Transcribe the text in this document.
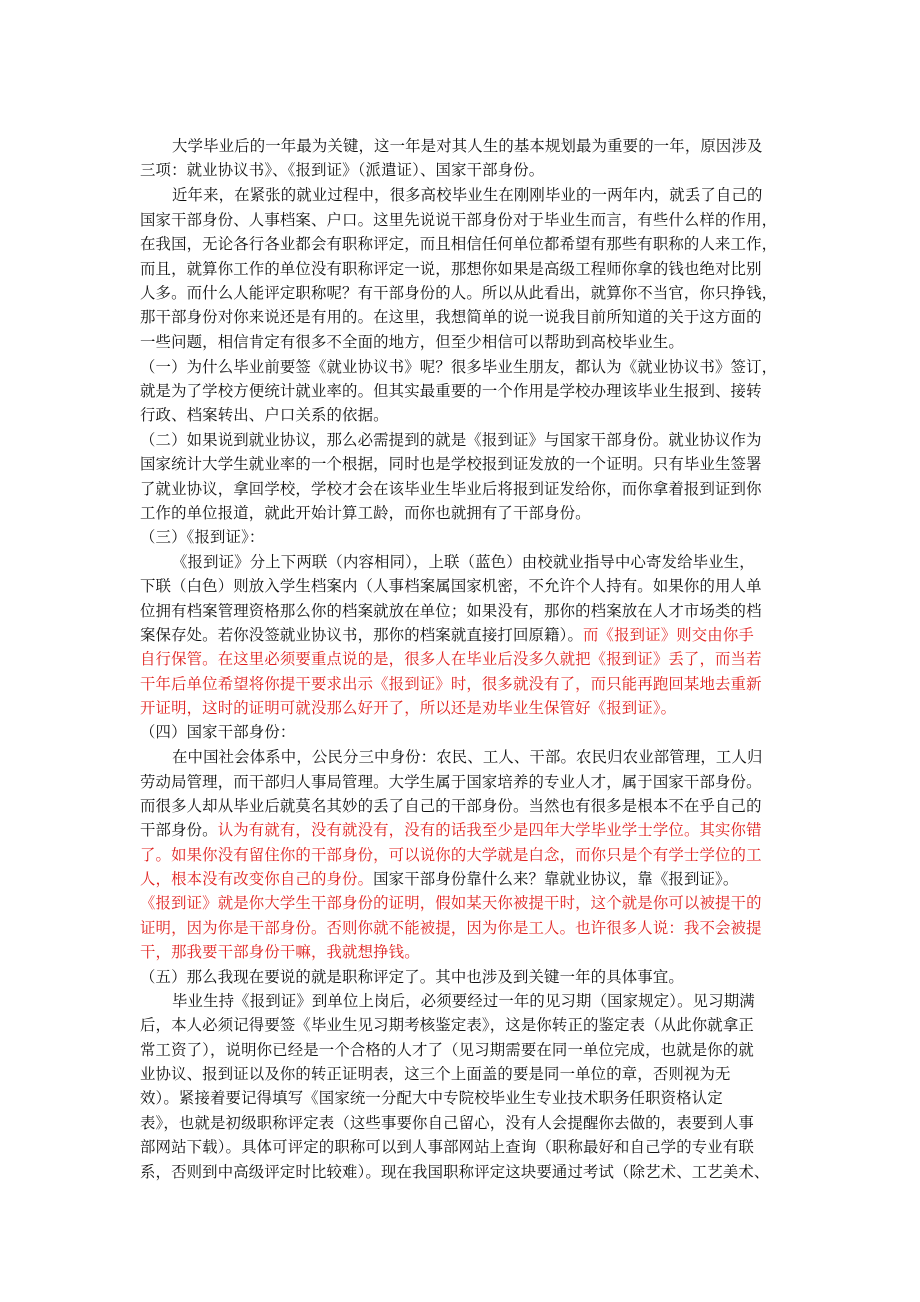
大学毕业后的一年最为关键，这一年是对其人生的基本规划最为重要的一年，原因涉及
三项：就业协议书》、《报到证》（派遣证）、国家干部身份。
近年来，在紧张的就业过程中，很多高校毕业生在刚刚毕业的一两年内，就丢了自己的
国家干部身份、人事档案、户口。这里先说说干部身份对于毕业生而言，有些什么样的作用，
在我国，无论各行各业都会有职称评定，而且相信任何单位都希望有那些有职称的人来工作，
而且，就算你工作的单位没有职称评定一说，那想你如果是高级工程师你拿的钱也绝对比别
人多。而什么人能评定职称呢？有干部身份的人。所以从此看出，就算你不当官，你只挣钱，
那干部身份对你来说还是有用的。在这里，我想简单的说一说我目前所知道的关于这方面的
一些问题，相信肯定有很多不全面的地方，但至少相信可以帮助到高校毕业生。
（一）为什么毕业前要签《就业协议书》呢？很多毕业生朋友，都认为《就业协议书》签订，
就是为了学校方便统计就业率的。但其实最重要的一个作用是学校办理该毕业生报到、接转
行政、档案转出、户口关系的依据。
（二）如果说到就业协议，那么必需提到的就是《报到证》与国家干部身份。就业协议作为
国家统计大学生就业率的一个根据，同时也是学校报到证发放的一个证明。只有毕业生签署
了就业协议，拿回学校，学校才会在该毕业生毕业后将报到证发给你，而你拿着报到证到你
工作的单位报道，就此开始计算工龄，而你也就拥有了干部身份。
（三）《报到证》：
《报到证》分上下两联（内容相同），上联（蓝色）由校就业指导中心寄发给毕业生，
下联（白色）则放入学生档案内（人事档案属国家机密，不允许个人持有。如果你的用人单
位拥有档案管理资格那么你的档案就放在单位；如果没有，那你的档案放在人才市场类的档
案保存处。若你没签就业协议书，那你的档案就直接打回原籍）。而《报到证》则交由你手
自行保管。在这里必须要重点说的是，很多人在毕业后没多久就把《报到证》丢了，而当若
干年后单位希望将你提干要求出示《报到证》时，很多就没有了，而只能再跑回某地去重新
开证明，这时的证明可就没那么好开了，所以还是劝毕业生保管好《报到证》。
（四）国家干部身份：
在中国社会体系中，公民分三中身份：农民、工人、干部。农民归农业部管理，工人归
劳动局管理，而干部归人事局管理。大学生属于国家培养的专业人才，属于国家干部身份。
而很多人却从毕业后就莫名其妙的丢了自己的干部身份。当然也有很多是根本不在乎自己的
干部身份。认为有就有，没有就没有，没有的话我至少是四年大学毕业学士学位。其实你错
了。如果你没有留住你的干部身份，可以说你的大学就是白念，而你只是个有学士学位的工
人，根本没有改变你自己的身份。国家干部身份靠什么来？靠就业协议，靠《报到证》。
《报到证》就是你大学生干部身份的证明，假如某天你被提干时，这个就是你可以被提干的
证明，因为你是干部身份。否则你就不能被提，因为你是工人。也许很多人说：我不会被提
干，那我要干部身份干嘛，我就想挣钱。
（五）那么我现在要说的就是职称评定了。其中也涉及到关键一年的具体事宜。
毕业生持《报到证》到单位上岗后，必须要经过一年的见习期（国家规定）。见习期满
后，本人必须记得要签《毕业生见习期考核鉴定表》，这是你转正的鉴定表（从此你就拿正
常工资了），说明你已经是一个合格的人才了（见习期需要在同一单位完成，也就是你的就
业协议、报到证以及你的转正证明表，这三个上面盖的要是同一单位的章，否则视为无
效）。紧接着要记得填写《国家统一分配大中专院校毕业生专业技术职务任职资格认定
表》，也就是初级职称评定表（这些事要你自己留心，没有人会提醒你去做的，表要到人事
部网站下载）。具体可评定的职称可以到人事部网站上查询（职称最好和自己学的专业有联
系，否则到中高级评定时比较难）。现在我国职称评定这块要通过考试（除艺术、工艺美术、
